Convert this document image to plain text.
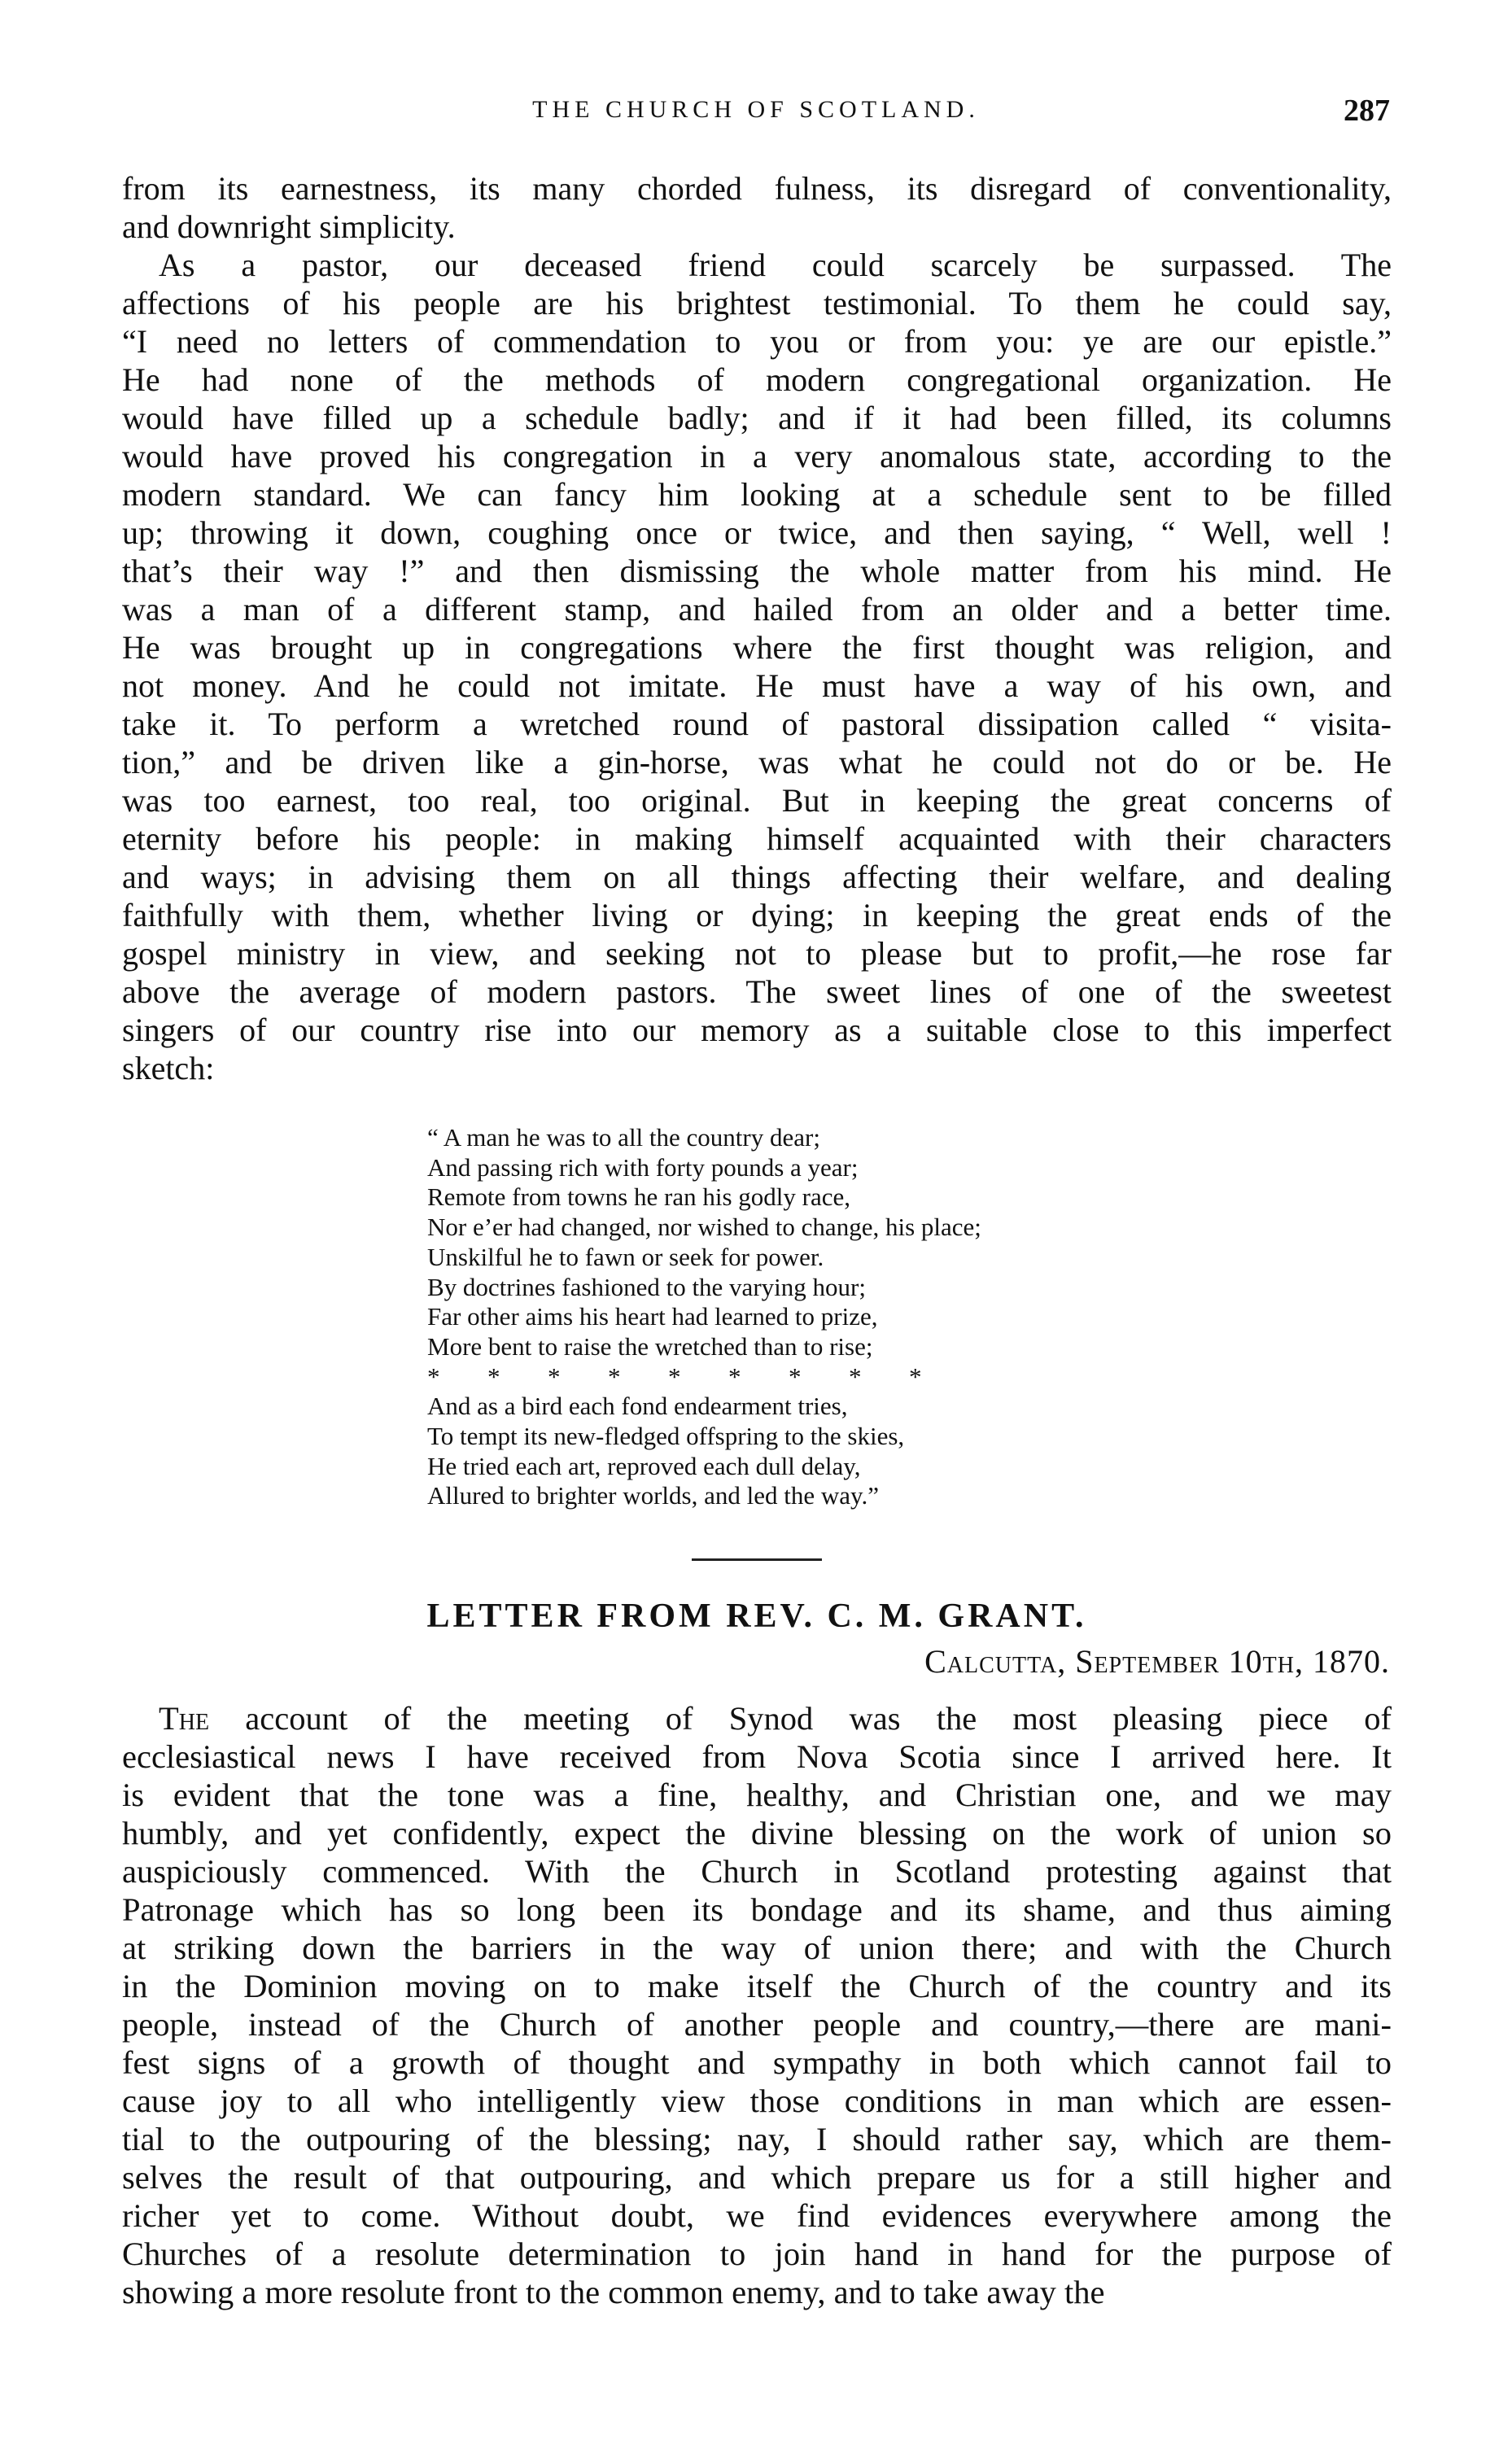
THE CHURCH OF SCOTLAND.	287
from its earnestness, its many chorded fulness, its disregard of conventionality,
and downright simplicity.
As a pastor, our deceased friend could scarcely be surpassed. The
affections of his people are his brightest testimonial. To them he could say,
“I need no letters of commendation to you or from you: ye are our epistle.”
He had none of the methods of modern congregational organization. He
would have filled up a schedule badly; and if it had been filled, its columns
would have proved his congregation in a very anomalous state, according to the
modern standard. We can fancy him looking at a schedule sent to be filled
up; throwing it down, coughing once or twice, and then saying, “ Well, well !
that’s their way !” and then dismissing the whole matter from his mind. He
was a man of a different stamp, and hailed from an older and a better time.
He was brought up in congregations where the first thought was religion, and
not money. And he could not imitate. He must have a way of his own, and
take it. To perform a wretched round of pastoral dissipation called “ visita-
tion,” and be driven like a gin-horse, was what he could not do or be. He
was too earnest, too real, too original. But in keeping the great concerns of
eternity before his people: in making himself acquainted with their characters
and ways; in advising them on all things affecting their welfare, and dealing
faithfully with them, whether living or dying; in keeping the great ends of the
gospel ministry in view, and seeking not to please but to profit,—he rose far
above the average of modern pastors. The sweet lines of one of the sweetest
singers of our country rise into our memory as a suitable close to this imperfect
sketch:
“ A man he was to all the country dear;
And passing rich with forty pounds a year;
Remote from towns he ran his godly race,
Nor e’er had changed, nor wished to change, his place;
Unskilful he to fawn or seek for power.
By doctrines fashioned to the varying hour;
Far other aims his heart had learned to prize,
More bent to raise the wretched than to rise;
* * * * * * * * *
And as a bird each fond endearment tries,
To tempt its new-fledged offspring to the skies,
He tried each art, reproved each dull delay,
Allured to brighter worlds, and led the way.”
LETTER FROM REV. C. M. GRANT.
Calcutta, September 10th, 1870.
The account of the meeting of Synod was the most pleasing piece of
ecclesiastical news I have received from Nova Scotia since I arrived here. It
is evident that the tone was a fine, healthy, and Christian one, and we may
humbly, and yet confidently, expect the divine blessing on the work of union so
auspiciously commenced. With the Church in Scotland protesting against that
Patronage which has so long been its bondage and its shame, and thus aiming
at striking down the barriers in the way of union there; and with the Church
in the Dominion moving on to make itself the Church of the country and its
people, instead of the Church of another people and country,—there are mani-
fest signs of a growth of thought and sympathy in both which cannot fail to
cause joy to all who intelligently view those conditions in man which are essen-
tial to the outpouring of the blessing; nay, I should rather say, which are them-
selves the result of that outpouring, and which prepare us for a still higher and
richer yet to come. Without doubt, we find evidences everywhere among the
Churches of a resolute determination to join hand in hand for the purpose of
showing a more resolute front to the common enemy, and to take away the
